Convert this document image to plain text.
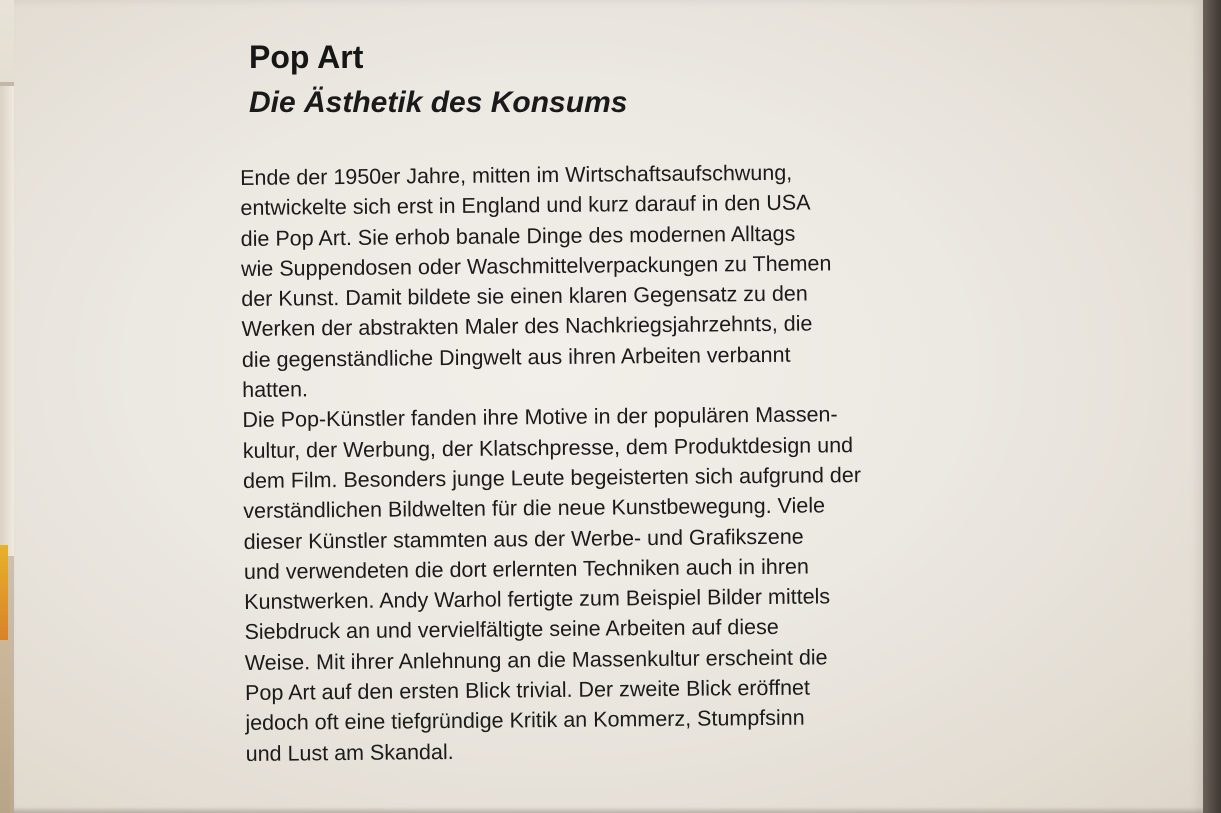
Pop Art
Die Ästhetik des Konsums
Ende der 1950er Jahre, mitten im Wirtschaftsaufschwung,
entwickelte sich erst in England und kurz darauf in den USA
die Pop Art. Sie erhob banale Dinge des modernen Alltags
wie Suppendosen oder Waschmittelverpackungen zu Themen
der Kunst. Damit bildete sie einen klaren Gegensatz zu den
Werken der abstrakten Maler des Nachkriegsjahrzehnts, die
die gegenständliche Dingwelt aus ihren Arbeiten verbannt
hatten.
Die Pop-Künstler fanden ihre Motive in der populären Massen-
kultur, der Werbung, der Klatschpresse, dem Produktdesign und
dem Film. Besonders junge Leute begeisterten sich aufgrund der
verständlichen Bildwelten für die neue Kunstbewegung. Viele
dieser Künstler stammten aus der Werbe- und Grafikszene
und verwendeten die dort erlernten Techniken auch in ihren
Kunstwerken. Andy Warhol fertigte zum Beispiel Bilder mittels
Siebdruck an und vervielfältigte seine Arbeiten auf diese
Weise. Mit ihrer Anlehnung an die Massenkultur erscheint die
Pop Art auf den ersten Blick trivial. Der zweite Blick eröffnet
jedoch oft eine tiefgründige Kritik an Kommerz, Stumpfsinn
und Lust am Skandal.
